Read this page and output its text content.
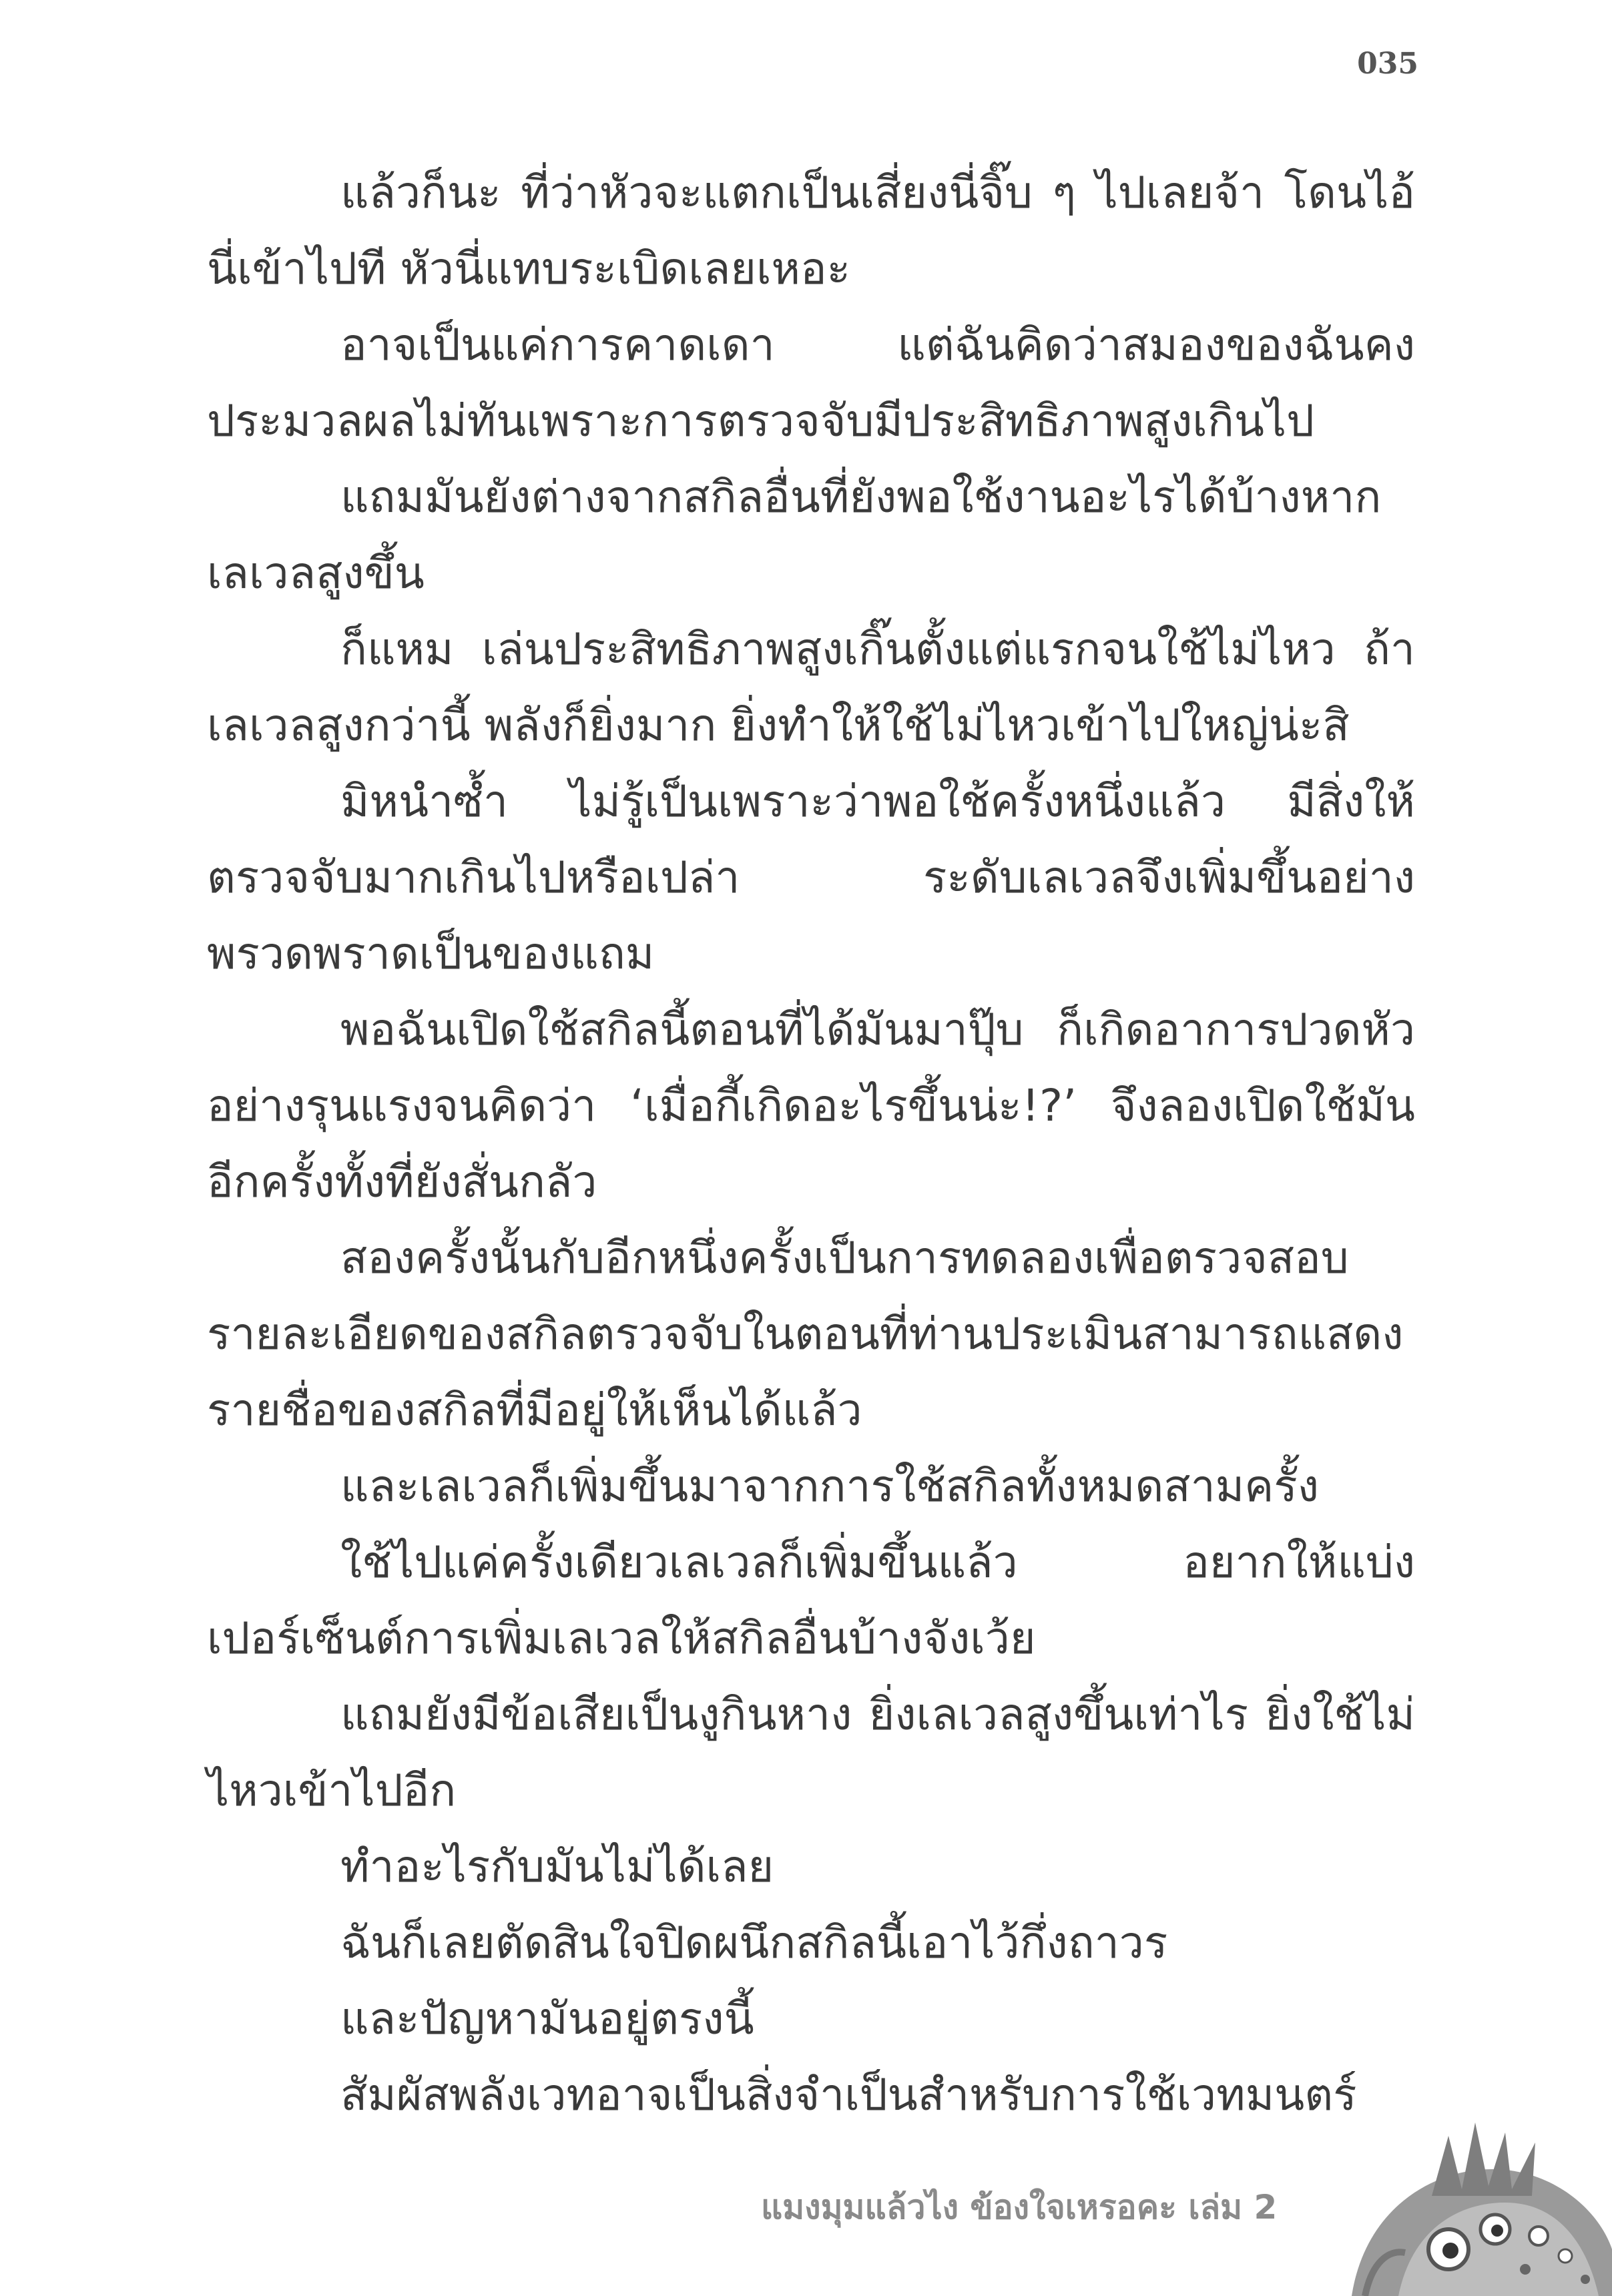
035

แล้วก็นะ ที่ว่าหัวจะแตกเป็นเสี่ยงนี่จิ๊บ ๆ ไปเลยจ้า โดนไอ้นี่เข้าไปที หัวนี่แทบระเบิดเลยเหอะ

อาจเป็นแค่การคาดเดา แต่ฉันคิดว่าสมองของฉันคงประมวลผลไม่ทันเพราะการตรวจจับมีประสิทธิภาพสูงเกินไป

แถมมันยังต่างจากสกิลอื่นที่ยังพอใช้งานอะไรได้บ้างหากเลเวลสูงขึ้น

ก็แหม เล่นประสิทธิภาพสูงเกิ๊นตั้งแต่แรกจนใช้ไม่ไหว ถ้าเลเวลสูงกว่านี้ พลังก็ยิ่งมาก ยิ่งทำให้ใช้ไม่ไหวเข้าไปใหญ่น่ะสิ

มิหนำซ้ำ ไม่รู้เป็นเพราะว่าพอใช้ครั้งหนึ่งแล้ว มีสิ่งให้ตรวจจับมากเกินไปหรือเปล่า ระดับเลเวลจึงเพิ่มขึ้นอย่างพรวดพราดเป็นของแถม

พอฉันเปิดใช้สกิลนี้ตอนที่ได้มันมาปุ๊บ ก็เกิดอาการปวดหัวอย่างรุนแรงจนคิดว่า ‘เมื่อกี้เกิดอะไรขึ้นน่ะ!?’ จึงลองเปิดใช้มันอีกครั้งทั้งที่ยังสั่นกลัว

สองครั้งนั้นกับอีกหนึ่งครั้งเป็นการทดลองเพื่อตรวจสอบรายละเอียดของสกิลตรวจจับในตอนที่ท่านประเมินสามารถแสดงรายชื่อของสกิลที่มีอยู่ให้เห็นได้แล้ว

และเลเวลก็เพิ่มขึ้นมาจากการใช้สกิลทั้งหมดสามครั้ง

ใช้ไปแค่ครั้งเดียวเลเวลก็เพิ่มขึ้นแล้ว อยากให้แบ่งเปอร์เซ็นต์การเพิ่มเลเวลให้สกิลอื่นบ้างจังเว้ย

แถมยังมีข้อเสียเป็นงูกินหาง ยิ่งเลเวลสูงขึ้นเท่าไร ยิ่งใช้ไม่ไหวเข้าไปอีก

ทำอะไรกับมันไม่ได้เลย

ฉันก็เลยตัดสินใจปิดผนึกสกิลนี้เอาไว้กึ่งถาวร

และปัญหามันอยู่ตรงนี้

สัมผัสพลังเวทอาจเป็นสิ่งจำเป็นสำหรับการใช้เวทมนตร์

แมงมุมแล้วไง ข้องใจเหรอคะ เล่ม 2
